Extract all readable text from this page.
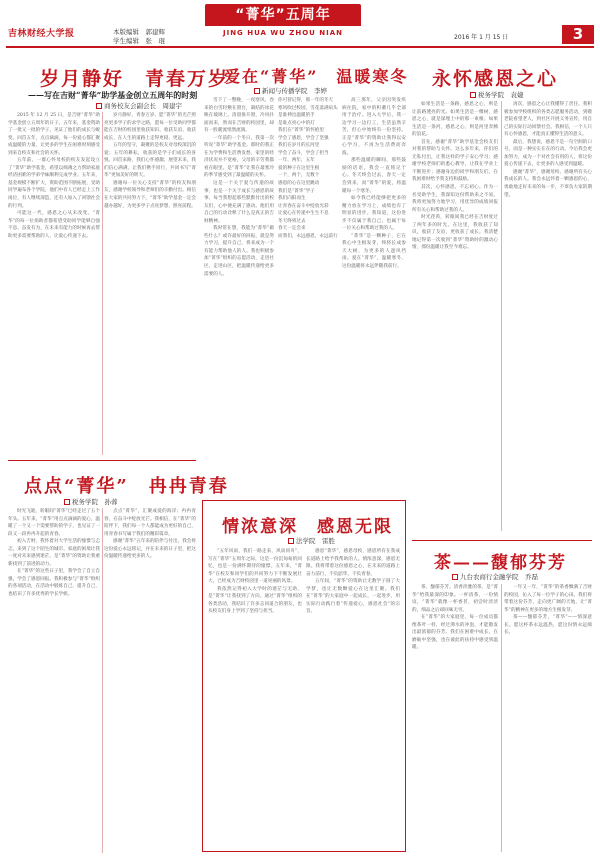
吉林财经大学报	本版编辑　郭建辉
学生编辑　张　琨
“菁华”五周年
JING HUA WU ZHOU NIAN
2016 年 1 月 15 日	3
岁月静好　青春万岁
——写在吉财“菁华”助学基金创立五周年的时刻
商务校友会副会长　周建宇

2015 年 12 月 25 日，是吉财“菁华”助学基金创立五周年的日子。五年来，基金资助了一批又一批的学子，见证了他们的成长与蜕变。回首五年，点点滴滴，每一份爱心都汇聚成温暖的力量，让更多的学生在困难时刻感受到来自校友和社会的关怀。

五年前，一群心怀母校的校友发起设立了“菁华”助学基金，希望以绵薄之力帮助家庭经济困难的学弟学妹顺利完成学业。五年来，基金规模不断扩大，资助范围不断拓展，受助同学遍布各个学院，他们中有人已经走上工作岗位，有人继续深造，还有人加入了回馈社会的行列。

可能这一代，感恩之心从未改变。“菁华”的每一位捐助者都希望受助同学能够自强不息、奋发有为，在未来有能力的时候再去帮助更多需要帮助的人，让爱心传递下去。

岁月静好，青春万岁。愿“菁华”的光芒照亮更多学子的求学之路，愿每一位受助同学都能在吉财的校园里收获知识、收获友谊、收获成长，在人生的道路上走得更稳、更远。

五年的坚守，凝聚的是校友对母校深沉的爱；五年的耕耘，收获的是学子们成长的喜悦。回首来路，我们心怀感激；展望未来，我们信心满满。让我们携手同行，共同书写“菁华”更加美好的明天。

感谢每一位关心支持“菁华”的校友和朋友，感谢学校领导和老师们的辛勤付出。相信在大家的共同努力下，“菁华”助学基金一定会越办越好，为更多学子点亮梦想，照亮前程。

爱在“菁华”　温暖寒冬
新闻与传播学院　李婷

雪下了一整晚，一夜寒风，卷来的白雪轻敷在窗台，凝结的冰花映在玻璃上。清晨推开窗，冷风扑面而来，然而在吉财的校园里，却有一股暖流悄然流淌。

一年前的一个冬日，我第一次听说“菁华”助学基金。那时的我正在为学费和生活费发愁，家里的经济状况并不宽裕，父母的辛劳我都看在眼里。是“菁华”让我在最寒冷的季节感受到了最温暖的关怀。

这是一个关于爱与传递的故事，也是一个关于成长与感恩的故事。每当我想起那些默默付出的校友们，心中便充满了感动。他们用自己的行动诠释了什么是真正的吉财精神。

我时常在想，我能为“菁华”做些什么？或许最好的回报，就是努力学习，提升自己，将来成为一个有能力帮助他人的人。我也积极参加“菁华”组织的志愿活动，走进社区，走进山区，把温暖传递给更多需要的人。

你可曾记得，那一年的冬天

寒风吹过校园，雪花落满肩头

是谁伸出温暖的手

是谁点亮心中的灯

我们在“菁华”的怀抱里

学会了感恩，学会了坚强

我们在岁月的长河里

学会了奋斗，学会了担当

一年，两年，五年

爱的种子在这里生根

一个，两个，无数个

感恩的心在这里跳动

我们是“菁华”学子

我们向阳而生

让青春在奋斗中绽放光彩

让爱心在传递中生生不息

冬天终将过去

春天一定会来

而我们，永远感恩，永远前行

高三那年，父亲因突发疾病住院，家中的积蓄几乎全部用于治疗。进入大学后，我一边学习一边打工，生活虽然辛苦，但心中始终有一份坚持。正是“菁华”的资助让我得以安心学习，不再为生活费而奔波。

那些温暖的瞬间，那些鼓励的话语，我会一直铭记于心。冬天终会过去，春天一定会到来，而“菁华”的爱，将温暖每一个寒冬。

如今我已经能够把更多的精力放在学习上，成绩也有了明显的进步。我知道，这份进步不仅属于我自己，也属于每一位关心和帮助过我的人。

“菁华”是一颗种子，它在我心中生根发芽，终将长成参天大树，为更多的人遮风挡雨。爱在“菁华”，温暖寒冬，这份温暖将永远伴随我前行。

永怀感恩之心
税务学院　袁婕

如果生活是一条路，感恩之心，则是让前路透亮的光。如果生活是一棵树，感恩之心，就是深埋土中的那一束根；如果生活是一条河，感恩之心，则是河里奔腾的浪花。

首先，感谢“菁华”助学基金会校友们对我的帮助与关怀。这么多年来，你们的无私付出，让我这样的学子安心学习；感谢学校老师们的悉心教导，让我在学业上不断进步；感谢身边的同学和朋友们，在我困难时给予我支持和鼓励。

其次，心怀感恩，不忘初心。作为一名受助学生，我深知这份帮助来之不易。我将更加努力地学习，用优异的成绩回报所有关心和帮助过我的人。

时光荏苒，转眼间我已经在吉财度过了两年多的时光。在这里，我收获了知识，收获了友谊，更收获了成长。我清楚地记得第一次收到“菁华”资助时的激动心情，那份温暖让我至今难忘。

再次，感恩之心让我懂得了责任。我积极参加学校组织的各类志愿服务活动，到敬老院看望老人，到社区开展义务宣传，用自己的实际行动回馈社会。我相信，一个人只有心怀感恩，才能真正懂得生活的意义。

最后，我想说，感恩不是一句空洞的口号，而是一种实实在在的行动。今后我会更加努力，成为一个对社会有用的人，将这份爱心传递下去，让更多的人感受到温暖。

感谢“菁华”，感谢母校，感谢所有关心我成长的人。我会永远怀着一颗感恩的心，勇敢地走好未来的每一步，不辜负大家的期望。

情浓意深　感恩无限
法学院　雷胜

“五年风雨，我们一路走来，风雨同舟”，写在“菁华”五周年之际，这是一份沉甸甸的回忆，也是一份满怀期待的憧憬。五年来，“菁华”在校友和同学们的共同努力下不断发展壮大，已经成为吉财校园里一道亮丽的风景。

我依然记得初入大学时的迷茫与无助，是“菁华”让我找到了方向。通过“菁华”组织的各类活动，我结识了许多志同道合的朋友，也从校友们身上学到了坚持与担当。

感恩“菁华”，感恩母校，感恩所有在我成长道路上给予我帮助的人。情浓意深，感恩无限。我将带着这份感恩之心，在未来的道路上奋力前行，不负韶华，不负青春。

五年间，“菁华”的资助让无数学子圆了大学梦，也让无数颗爱心在这里汇聚。我们在“菁华”的大家庭中一起成长，一起进步，用实际行动践行着“传递爱心，感恩社会”的宗旨。

点点“菁华”　冉冉青春
税务学院　孙蓉

时光飞逝，转眼间“菁华”已经走过了五个年头。五年来，“菁华”用点点滴滴的爱心，温暖了一个又一个需要帮助的学子，也见证了一段又一段冉冉升起的青春。

初入吉财，我怀着对大学生活的憧憬与忐忑，来到了这个陌生的城市。家庭的困境让我一度对未来感到迷茫，是“菁华”的资助让我重新找到了前进的动力。

在“菁华”的这些日子里，我学会了自立自强，学会了感恩回报。我积极参与“菁华”组织的各项活动，在活动中锻炼自己，提升自己，也结识了许多优秀的学长学姐。

点点“菁华”，汇聚成爱的海洋；冉冉青春，在奋斗中绽放光芒。我相信，在“菁华”的陪伴下，我们每一个人都能成为更好的自己，用青春书写属于我们的精彩篇章。

感谢“菁华”五年来的陪伴与付出，我会将这份爱心永远铭记，并在未来的日子里，把这份温暖传递给更多的人。	茶——馥郁芬芳
九台农商行金融学院　乔磊

茶，馥郁芬芳。清香淡雅的茶，是“菁华”给我最深的印象。一杯清茶，一份情谊，“菁华”就像一杯香茗，初尝时淡淡的，细品之后却回味无穷。

在“菁华”的大家庭里，每一位成员都像茶叶一样，经过沸水的冲泡，才能散发出最浓郁的芬芳。我们在困难中成长，在磨砺中坚强，也在彼此的扶持中感受到温暖。

一年又一年，“菁华”的茶香飘满了吉财的校园，沁入了每一位学子的心田。我们将带着这份芬芳，走向更广阔的天地，让“菁华”的精神在更多的地方生根发芽。

茶——馥郁芬芳，“菁华”——情深意长。愿这杯茶永远温热，愿这份情永远绵长。
